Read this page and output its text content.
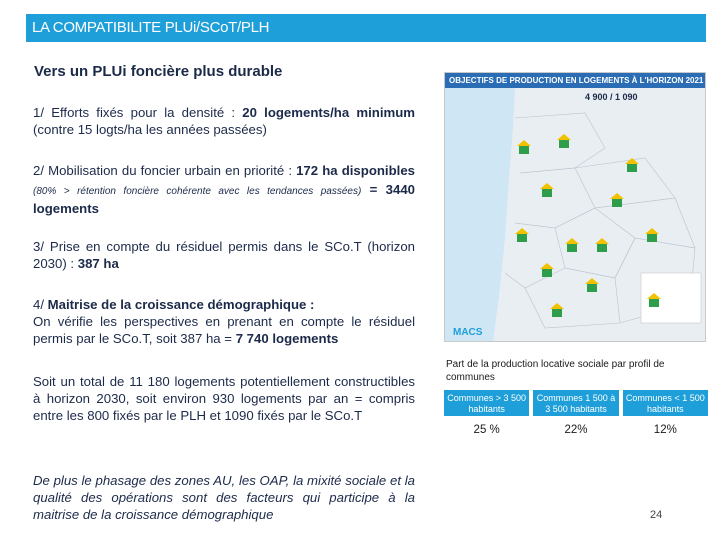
LA COMPATIBILITE PLUi/SCoT/PLH
Vers un PLUi foncière plus durable
1/ Efforts fixés pour la densité : 20 logements/ha minimum (contre 15 logts/ha les années passées)
2/ Mobilisation du foncier urbain en priorité : 172 ha disponibles (80% > rétention foncière cohérente avec les tendances passées) = 3440 logements
3/ Prise en compte du résiduel permis dans le SCo.T (horizon 2030) : 387 ha
4/ Maitrise de la croissance démographique :
On vérifie les perspectives en prenant en compte le résiduel permis par le SCo.T, soit 387 ha = 7 740 logements
Soit un total de 11 180 logements potentiellement constructibles à horizon 2030, soit environ 930 logements par an = compris entre les 800 fixés par le PLH et 1090 fixés par le SCo.T
De plus le phasage des zones AU, les OAP, la mixité sociale et la qualité des opérations sont des facteurs qui participe à la maitrise de la croissance démographique
OBJECTIFS DE PRODUCTION EN LOGEMENTS À L'HORIZON 2021
4 900 / 1 090
MACS
Part de la production locative sociale par profil de communes
Communes > 3 500 habitants
Communes 1 500 à 3 500 habitants
Communes < 1 500 habitants
25 %	22%	12%
24
